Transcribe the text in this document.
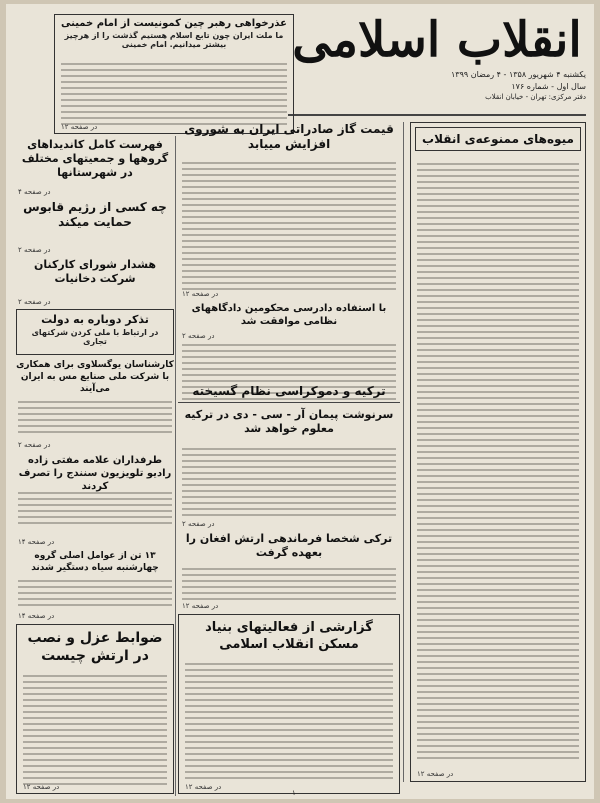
انقلاب اسلامی
یکشنبه ۴ شهریور ۱۳۵۸ - ۴ رمضان ۱۳۹۹
سال اول - شماره ۱۷۶
دفتر مرکزی: تهران - خیابان انقلاب
عذرخواهی رهبر چین کمونیست از امام خمینی
ما ملت ایران چون تابع اسلام هستیم گذشت را از هرچیز بیشتر میدانیم. امام خمینی
در صفحه ۱۲
میوه‌های ممنوعه‌ی انقلاب
در صفحه ۱۲
قیمت گاز صادراتی ایران به شوروی افزایش مییابد
در صفحه ۱۲
فهرست کامل کاندیداهای گروهها و جمعیتهای مختلف در شهرستانها
در صفحه ۴
چه کسی از رژیم قابوس حمایت میکند
در صفحه ۲
هشدار شورای کارکنان شرکت دخانیات
در صفحه ۲
تذکر دوباره به دولت
در ارتباط با ملی کردن شرکتهای تجاری
با استفاده دادرسی محکومین دادگاههای نظامی موافقت شد
در صفحه ۲
کارشناسان یوگسلاوی برای همکاری با شرکت ملی صنایع مس به ایران می‌آیند
در صفحه ۲
ترکیه و دموکراسی نظام گسیخته
سرنوشت پیمان آر - سی - دی در ترکیه معلوم خواهد شد
در صفحه ۲
طرفداران علامه مفتی زاده رادیو تلویزیون سنندج را تصرف کردند
در صفحه ۱۴
۱۳ تن از عوامل اصلی گروه چهارشنبه سیاه دستگیر شدند
در صفحه ۱۴
ترکی شخصا فرماندهی ارتش افغان را بعهده گرفت
در صفحه ۱۲
گزارشی از فعالیتهای بنیاد مسکن انقلاب اسلامی
در صفحه ۱۲
ضوابط عزل و نصب در ارتش چیست
در صفحه ۱۲
۱
